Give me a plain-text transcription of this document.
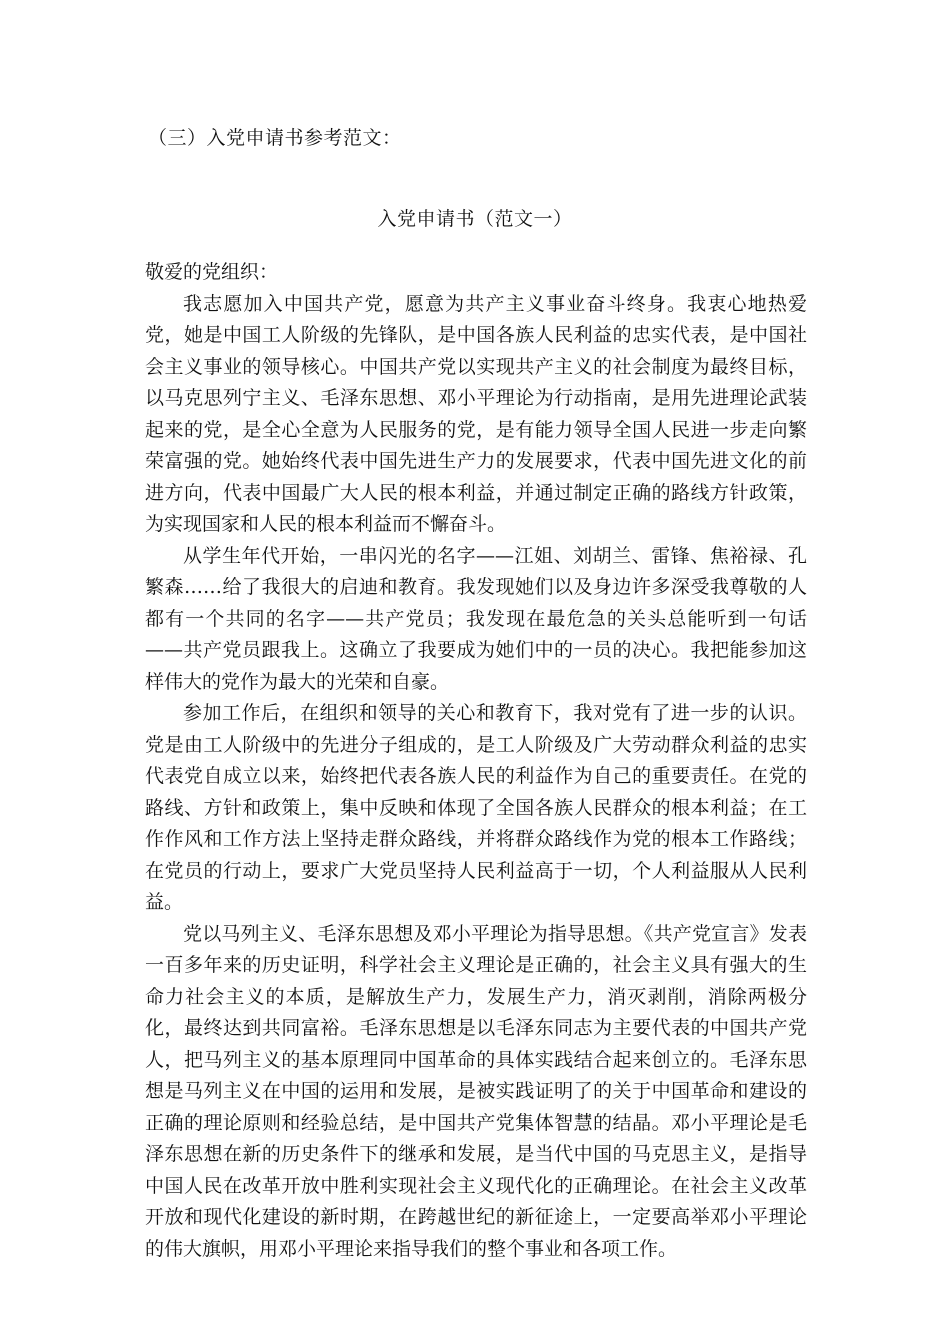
（三）入党申请书参考范文：
入党申请书（范文一）

敬爱的党组织：

我志愿加入中国共产党，愿意为共产主义事业奋斗终身。我衷心地热爱党，她是中国工人阶级的先锋队，是中国各族人民利益的忠实代表，是中国社会主义事业的领导核心。中国共产党以实现共产主义的社会制度为最终目标，以马克思列宁主义、毛泽东思想、邓小平理论为行动指南，是用先进理论武装起来的党，是全心全意为人民服务的党，是有能力领导全国人民进一步走向繁荣富强的党。她始终代表中国先进生产力的发展要求，代表中国先进文化的前进方向，代表中国最广大人民的根本利益，并通过制定正确的路线方针政策，为实现国家和人民的根本利益而不懈奋斗。

从学生年代开始，一串闪光的名字——江姐、刘胡兰、雷锋、焦裕禄、孔繁森……给了我很大的启迪和教育。我发现她们以及身边许多深受我尊敬的人都有一个共同的名字——共产党员；我发现在最危急的关头总能听到一句话——共产党员跟我上。这确立了我要成为她们中的一员的决心。我把能参加这样伟大的党作为最大的光荣和自豪。

参加工作后，在组织和领导的关心和教育下，我对党有了进一步的认识。党是由工人阶级中的先进分子组成的，是工人阶级及广大劳动群众利益的忠实代表党自成立以来，始终把代表各族人民的利益作为自己的重要责任。在党的路线、方针和政策上，集中反映和体现了全国各族人民群众的根本利益；在工作作风和工作方法上坚持走群众路线，并将群众路线作为党的根本工作路线；在党员的行动上，要求广大党员坚持人民利益高于一切，个人利益服从人民利益。

党以马列主义、毛泽东思想及邓小平理论为指导思想。《共产党宣言》发表一百多年来的历史证明，科学社会主义理论是正确的，社会主义具有强大的生命力社会主义的本质，是解放生产力，发展生产力，消灭剥削，消除两极分化，最终达到共同富裕。毛泽东思想是以毛泽东同志为主要代表的中国共产党人，把马列主义的基本原理同中国革命的具体实践结合起来创立的。毛泽东思想是马列主义在中国的运用和发展，是被实践证明了的关于中国革命和建设的正确的理论原则和经验总结，是中国共产党集体智慧的结晶。邓小平理论是毛泽东思想在新的历史条件下的继承和发展，是当代中国的马克思主义，是指导中国人民在改革开放中胜利实现社会主义现代化的正确理论。在社会主义改革开放和现代化建设的新时期，在跨越世纪的新征途上，一定要高举邓小平理论的伟大旗帜，用邓小平理论来指导我们的整个事业和各项工作。
